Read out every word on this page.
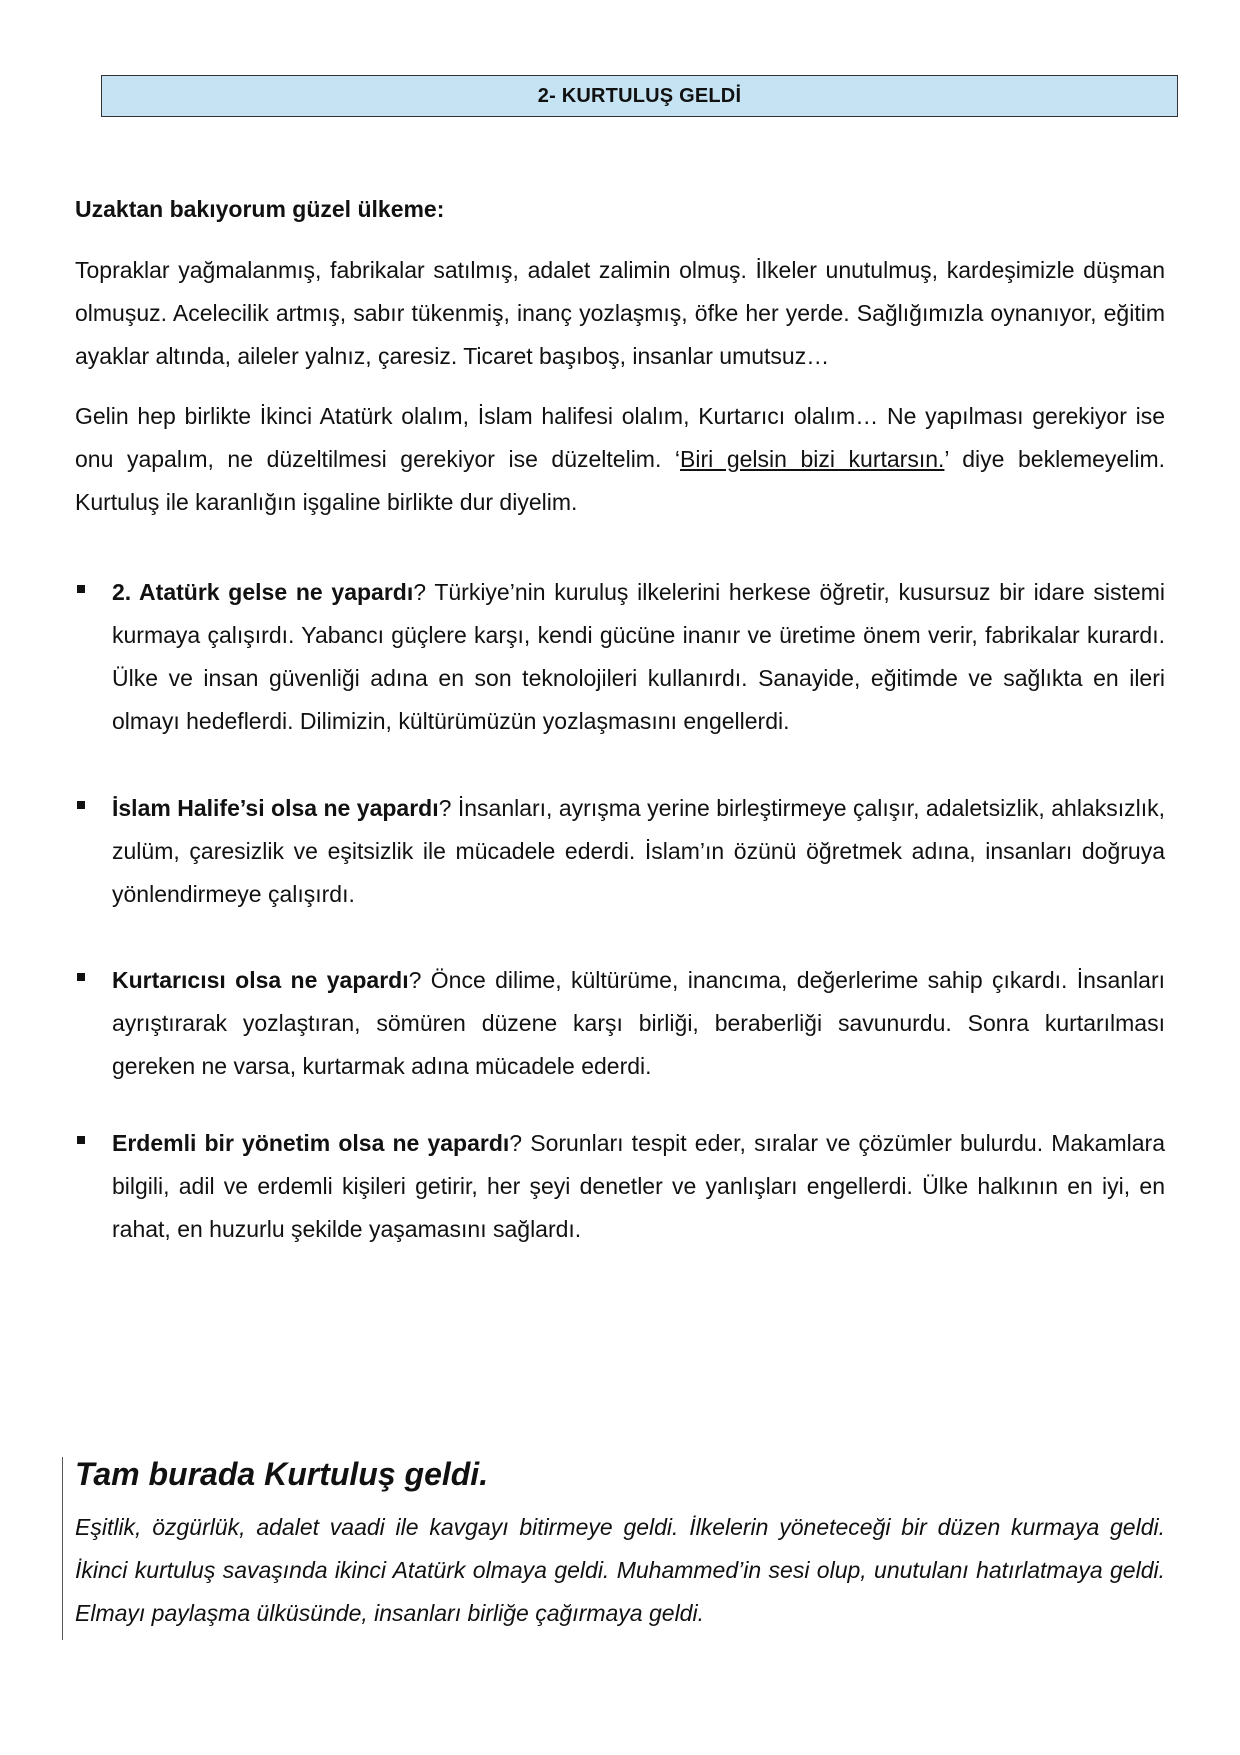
2- KURTULUŞ GELDİ
Uzaktan bakıyorum güzel ülkeme:

Topraklar yağmalanmış, fabrikalar satılmış, adalet zalimin olmuş. İlkeler unutulmuş, kardeşimizle düşman olmuşuz. Acelecilik artmış, sabır tükenmiş, inanç yozlaşmış, öfke her yerde. Sağlığımızla oynanıyor, eğitim ayaklar altında, aileler yalnız, çaresiz. Ticaret başıboş, insanlar umutsuz…

Gelin hep birlikte İkinci Atatürk olalım, İslam halifesi olalım, Kurtarıcı olalım… Ne yapılması gerekiyor ise onu yapalım, ne düzeltilmesi gerekiyor ise düzeltelim. ‘Biri gelsin bizi kurtarsın.’ diye beklemeyelim. Kurtuluş ile karanlığın işgaline birlikte dur diyelim.

2. Atatürk gelse ne yapardı? Türkiye’nin kuruluş ilkelerini herkese öğretir, kusursuz bir idare sistemi kurmaya çalışırdı. Yabancı güçlere karşı, kendi gücüne inanır ve üretime önem verir, fabrikalar kurardı. Ülke ve insan güvenliği adına en son teknolojileri kullanırdı. Sanayide, eğitimde ve sağlıkta en ileri olmayı hedeflerdi. Dilimizin, kültürümüzün yozlaşmasını engellerdi.
İslam Halife’si olsa ne yapardı? İnsanları, ayrışma yerine birleştirmeye çalışır, adaletsizlik, ahlaksızlık, zulüm, çaresizlik ve eşitsizlik ile mücadele ederdi. İslam’ın özünü öğretmek adına, insanları doğruya yönlendirmeye çalışırdı.
Kurtarıcısı olsa ne yapardı? Önce dilime, kültürüme, inancıma, değerlerime sahip çıkardı. İnsanları ayrıştırarak yozlaştıran, sömüren düzene karşı birliği, beraberliği savunurdu. Sonra kurtarılması gereken ne varsa, kurtarmak adına mücadele ederdi.
Erdemli bir yönetim olsa ne yapardı? Sorunları tespit eder, sıralar ve çözümler bulurdu. Makamlara bilgili, adil ve erdemli kişileri getirir, her şeyi denetler ve yanlışları engellerdi. Ülke halkının en iyi, en rahat, en huzurlu şekilde yaşamasını sağlardı.
Tam burada Kurtuluş geldi.

Eşitlik, özgürlük, adalet vaadi ile kavgayı bitirmeye geldi. İlkelerin yöneteceği bir düzen kurmaya geldi. İkinci kurtuluş savaşında ikinci Atatürk olmaya geldi. Muhammed’in sesi olup, unutulanı hatırlatmaya geldi. Elmayı paylaşma ülküsünde, insanları birliğe çağırmaya geldi.
